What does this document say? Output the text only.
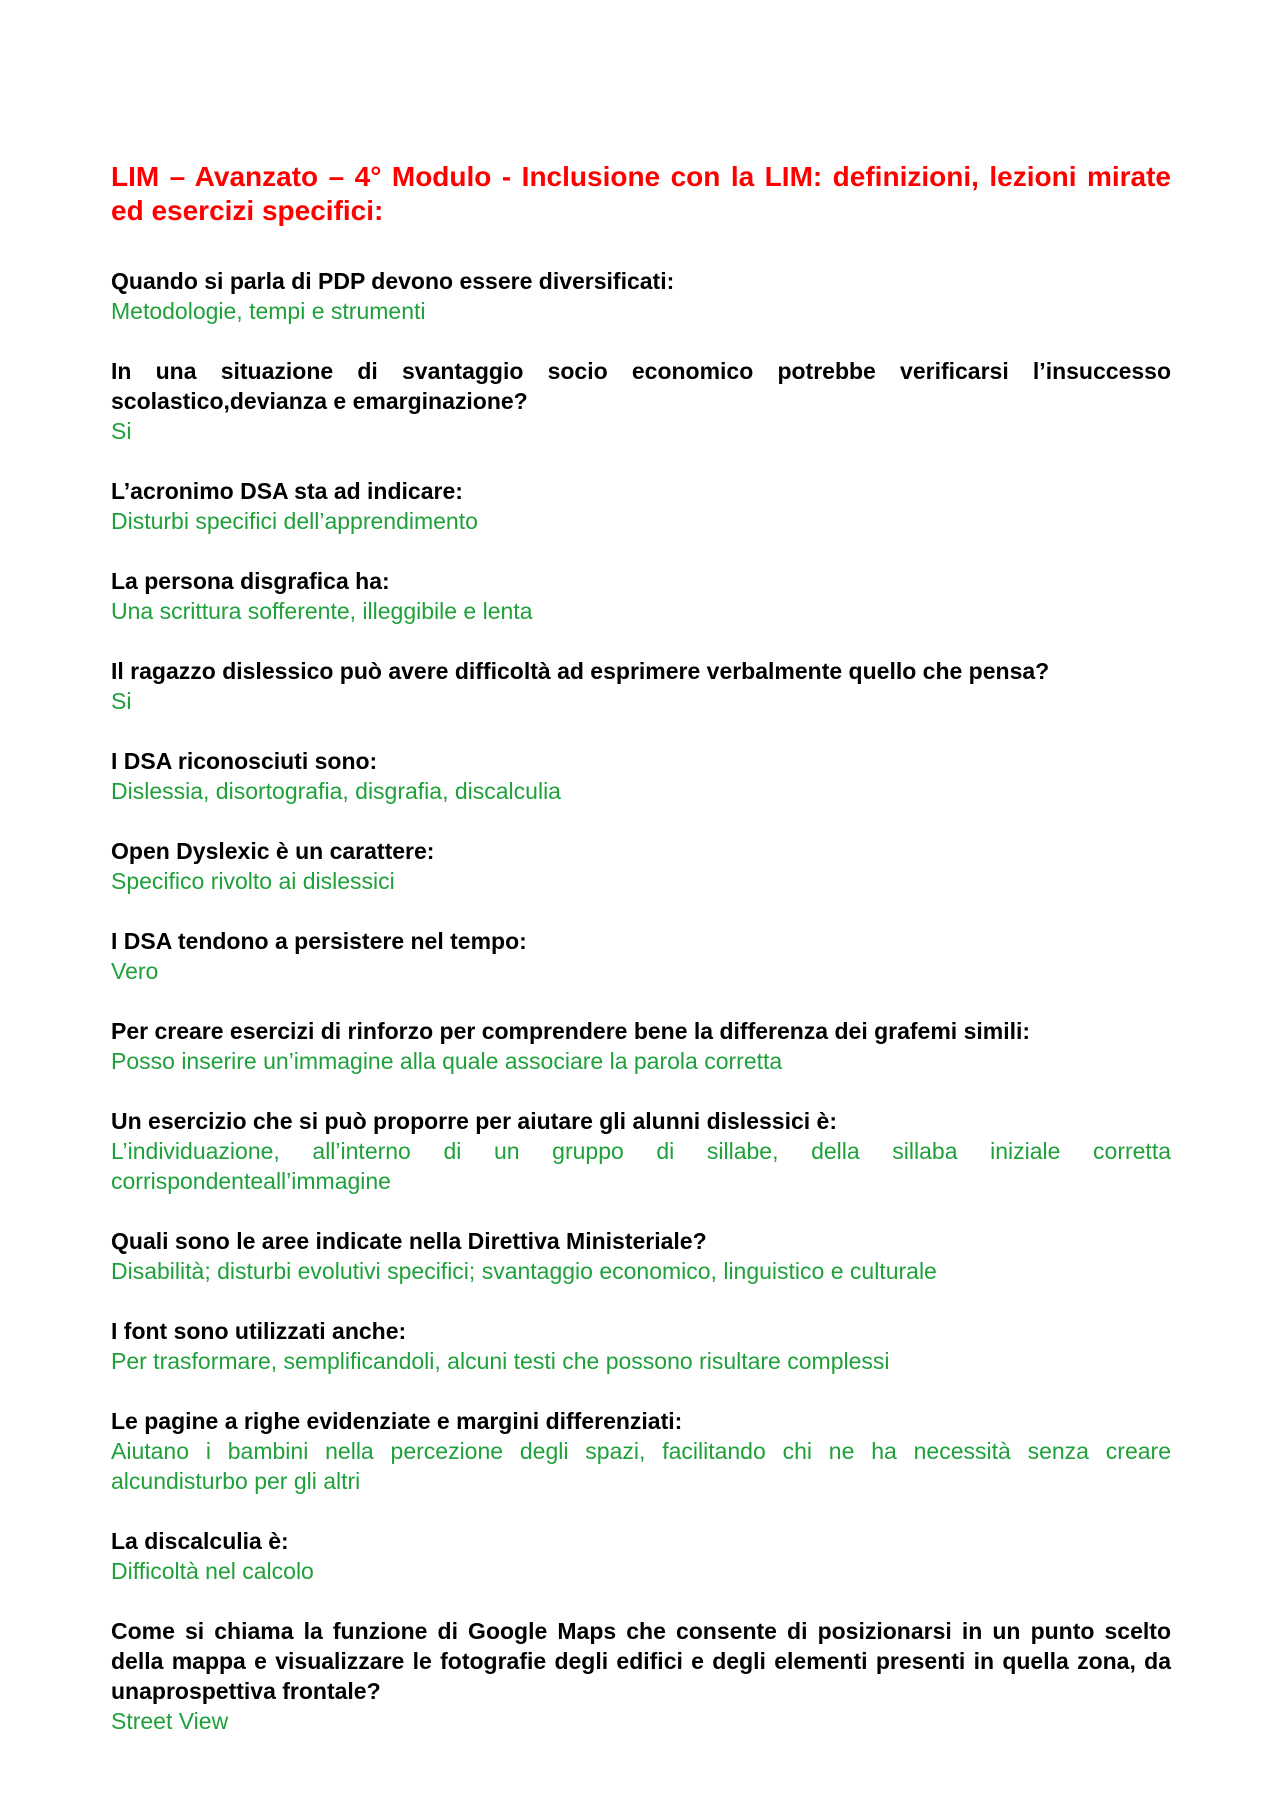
LIM – Avanzato – 4° Modulo - Inclusione con la LIM: definizioni, lezioni mirate ed esercizi specifici:

Quando si parla di PDP devono essere diversificati:

Metodologie, tempi e strumenti

In una situazione di svantaggio socio economico potrebbe verificarsi l’insuccesso scolastico,devianza e emarginazione?

Si

L’acronimo DSA sta ad indicare:

Disturbi specifici dell’apprendimento

La persona disgrafica ha:

Una scrittura sofferente, illeggibile e lenta

Il ragazzo dislessico può avere difficoltà ad esprimere verbalmente quello che pensa?

Si

I DSA riconosciuti sono:

Dislessia, disortografia, disgrafia, discalculia

Open Dyslexic è un carattere:

Specifico rivolto ai dislessici

I DSA tendono a persistere nel tempo:

Vero

Per creare esercizi di rinforzo per comprendere bene la differenza dei grafemi simili:

Posso inserire un’immagine alla quale associare la parola corretta

Un esercizio che si può proporre per aiutare gli alunni dislessici è:

L’individuazione, all’interno di un gruppo di sillabe, della sillaba iniziale corretta corrispondenteall’immagine

Quali sono le aree indicate nella Direttiva Ministeriale?

Disabilità; disturbi evolutivi specifici; svantaggio economico, linguistico e culturale

I font sono utilizzati anche:

Per trasformare, semplificandoli, alcuni testi che possono risultare complessi

Le pagine a righe evidenziate e margini differenziati:

Aiutano i bambini nella percezione degli spazi, facilitando chi ne ha necessità senza creare alcundisturbo per gli altri

La discalculia è:

Difficoltà nel calcolo

Come si chiama la funzione di Google Maps che consente di posizionarsi in un punto scelto della mappa e visualizzare le fotografie degli edifici e degli elementi presenti in quella zona, da unaprospettiva frontale?

Street View
